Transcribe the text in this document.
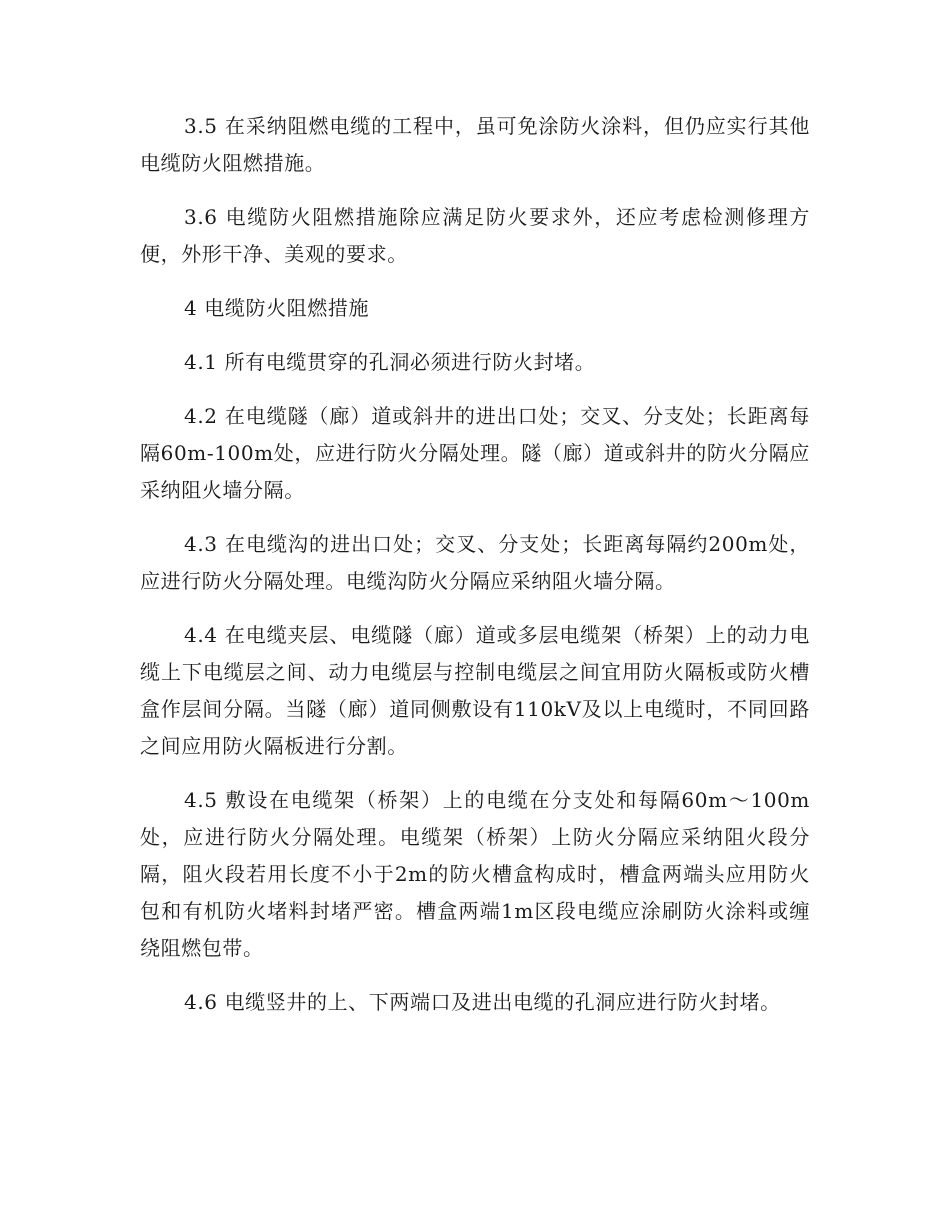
3.5 在采纳阻燃电缆的工程中，虽可免涂防火涂料，但仍应实行其他电缆防火阻燃措施。

3.6 电缆防火阻燃措施除应满足防火要求外，还应考虑检测修理方便，外形干净、美观的要求。

4 电缆防火阻燃措施

4.1 所有电缆贯穿的孔洞必须进行防火封堵。

4.2 在电缆隧（廊）道或斜井的进出口处；交叉、分支处；长距离每隔60m-100m处，应进行防火分隔处理。隧（廊）道或斜井的防火分隔应采纳阻火墙分隔。

4.3 在电缆沟的进出口处；交叉、分支处；长距离每隔约200m处，应进行防火分隔处理。电缆沟防火分隔应采纳阻火墙分隔。

4.4 在电缆夹层、电缆隧（廊）道或多层电缆架（桥架）上的动力电缆上下电缆层之间、动力电缆层与控制电缆层之间宜用防火隔板或防火槽盒作层间分隔。当隧（廊）道同侧敷设有110kV及以上电缆时，不同回路之间应用防火隔板进行分割。

4.5 敷设在电缆架（桥架）上的电缆在分支处和每隔60m～100m处，应进行防火分隔处理。电缆架（桥架）上防火分隔应采纳阻火段分隔，阻火段若用长度不小于2m的防火槽盒构成时，槽盒两端头应用防火包和有机防火堵料封堵严密。槽盒两端1m区段电缆应涂刷防火涂料或缠绕阻燃包带。

4.6 电缆竖井的上、下两端口及进出电缆的孔洞应进行防火封堵。
